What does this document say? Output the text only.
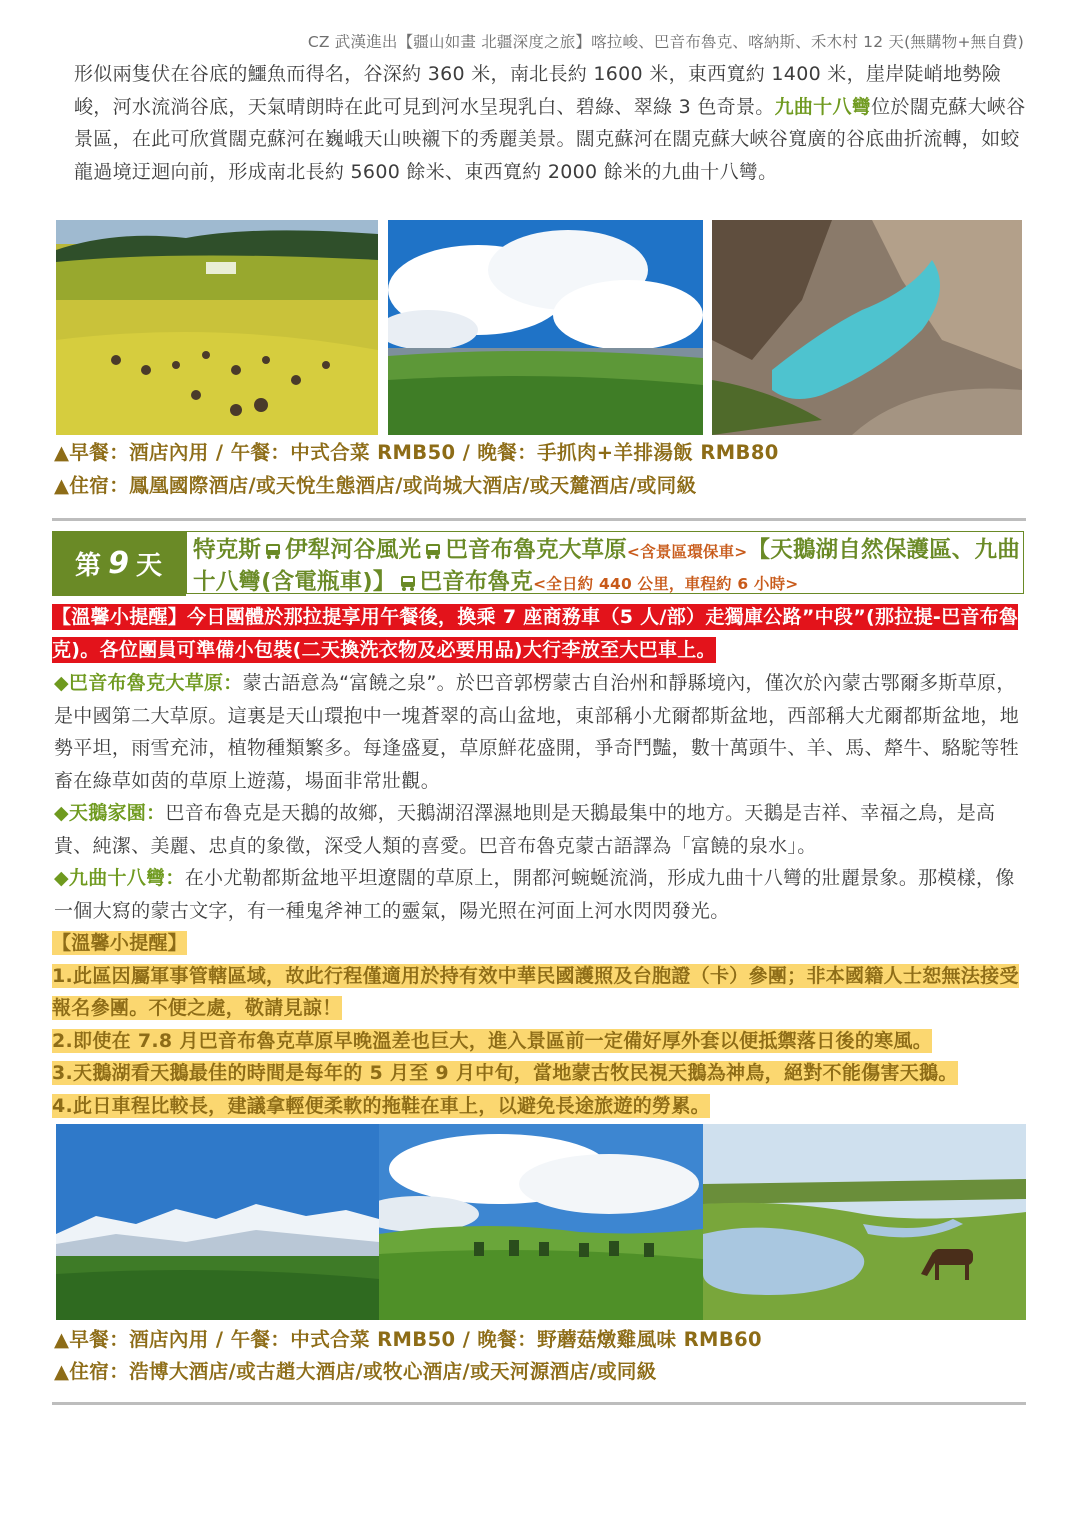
CZ 武漢進出【疆山如畫 北疆深度之旅】喀拉峻、巴音布魯克、喀納斯、禾木村 12 天(無購物+無自費)
形似兩隻伏在谷底的鱷魚而得名，谷深約 360 米，南北長約 1600 米，東西寬約 1400 米，崖岸陡峭地勢險峻，河水流淌谷底，天氣晴朗時在此可見到河水呈現乳白、碧綠、翠綠 3 色奇景。九曲十八彎位於闊克蘇大峽谷景區，在此可欣賞闊克蘇河在巍峨天山映襯下的秀麗美景。闊克蘇河在闊克蘇大峽谷寬廣的谷底曲折流轉，如蛟龍過境迂迴向前，形成南北長約 5600 餘米、東西寬約 2000 餘米的九曲十八彎。
▲早餐：酒店內用 / 午餐：中式合菜 RMB50 / 晚餐：手抓肉+羊排湯飯 RMB80
▲住宿：鳳凰國際酒店/或天悅生態酒店/或尚城大酒店/或天麓酒店/或同級
第 9 天
特克斯 伊犁河谷風光 巴音布魯克大草原<含景區環保車>【天鵝湖自然保護區、九曲十八彎(含電瓶車)】 巴音布魯克<全日約 440 公里，車程約 6 小時>
【溫馨小提醒】今日團體於那拉提享用午餐後，換乘 7 座商務車（5 人/部）走獨庫公路”中段”(那拉提-巴音布魯克)。各位團員可準備小包裝(二天換洗衣物及必要用品)大行李放至大巴車上。
◆巴音布魯克大草原：蒙古語意為“富饒之泉”。於巴音郭楞蒙古自治州和靜縣境內，僅次於內蒙古鄂爾多斯草原，是中國第二大草原。這裏是天山環抱中一塊蒼翠的高山盆地，東部稱小尤爾都斯盆地，西部稱大尤爾都斯盆地，地勢平坦，雨雪充沛，植物種類繁多。每逢盛夏，草原鮮花盛開，爭奇鬥豔，數十萬頭牛、羊、馬、犛牛、駱駝等牲畜在綠草如茵的草原上遊蕩，場面非常壯觀。
◆天鵝家園：巴音布魯克是天鵝的故鄉，天鵝湖沼澤濕地則是天鵝最集中的地方。天鵝是吉祥、幸福之鳥，是高貴、純潔、美麗、忠貞的象徵，深受人類的喜愛。巴音布魯克蒙古語譯為「富饒的泉水」。
◆九曲十八彎：在小尤勒都斯盆地平坦遼闊的草原上，開都河蜿蜒流淌，形成九曲十八彎的壯麗景象。那模樣，像一個大寫的蒙古文字，有一種鬼斧神工的靈氣，陽光照在河面上河水閃閃發光。
【溫馨小提醒】
1.此區因屬軍事管轄區域，故此行程僅適用於持有效中華民國護照及台胞證（卡）參團；非本國籍人士恕無法接受報名參團。不便之處，敬請見諒！
2.即使在 7.8 月巴音布魯克草原早晚溫差也巨大，進入景區前一定備好厚外套以便抵禦落日後的寒風。
3.天鵝湖看天鵝最佳的時間是每年的 5 月至 9 月中旬，當地蒙古牧民視天鵝為神鳥，絕對不能傷害天鵝。
4.此日車程比較長，建議拿輕便柔軟的拖鞋在車上，以避免長途旅遊的勞累。
▲早餐：酒店內用 / 午餐：中式合菜 RMB50 / 晚餐：野蘑菇燉雞風味 RMB60
▲住宿：浩博大酒店/或古趙大酒店/或牧心酒店/或天河源酒店/或同級
